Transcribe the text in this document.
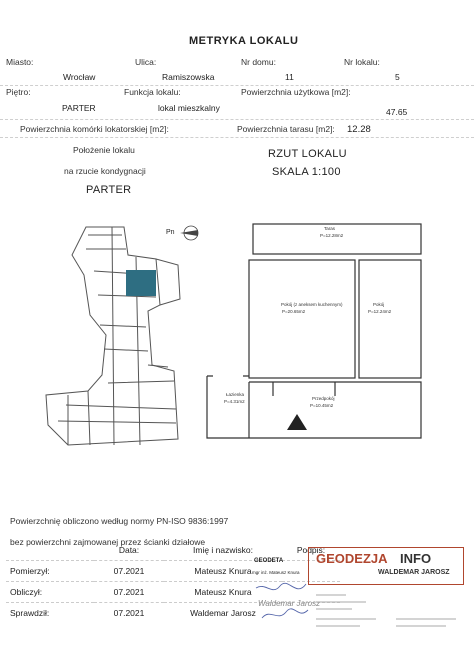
METRYKA LOKALU
Miasto:	Ulica:	Nr domu:	Nr lokalu:
Wrocław	Ramiszowska	11	5
Piętro:	Funkcja lokalu:	Powierzchnia użytkowa [m2]:
PARTER	lokal mieszkalny	47.65
Powierzchnia komórki lokatorskiej [m2]:	Powierzchnia tarasu [m2]: 12.28
Położenie lokalu
na rzucie kondygnacji
PARTER
RZUT LOKALU
SKALA 1:100
Pn
Taras
P=12.28m2
Pokój (z aneksem kuchennym)
P=20.65m2
Pokój
P=12.24m2
Łazienka
P=4.31m2
Przedpokój
P=10.45m2
Powierzchnię obliczono według normy PN-ISO 9836:1997
bez powierzchni zajmowanej przez ścianki działowe
	Data:	Imię i nazwisko:	Podpis:
Pomierzył:	07.2021	Mateusz Knura	
Obliczył:	07.2021	Mateusz Knura	
Sprawdził:	07.2021	Waldemar Jarosz	
GEODETA
mgr inż. Mateusz Knura
Waldemar Jarosz
GEODEZJA INFO
WALDEMAR JAROSZ
